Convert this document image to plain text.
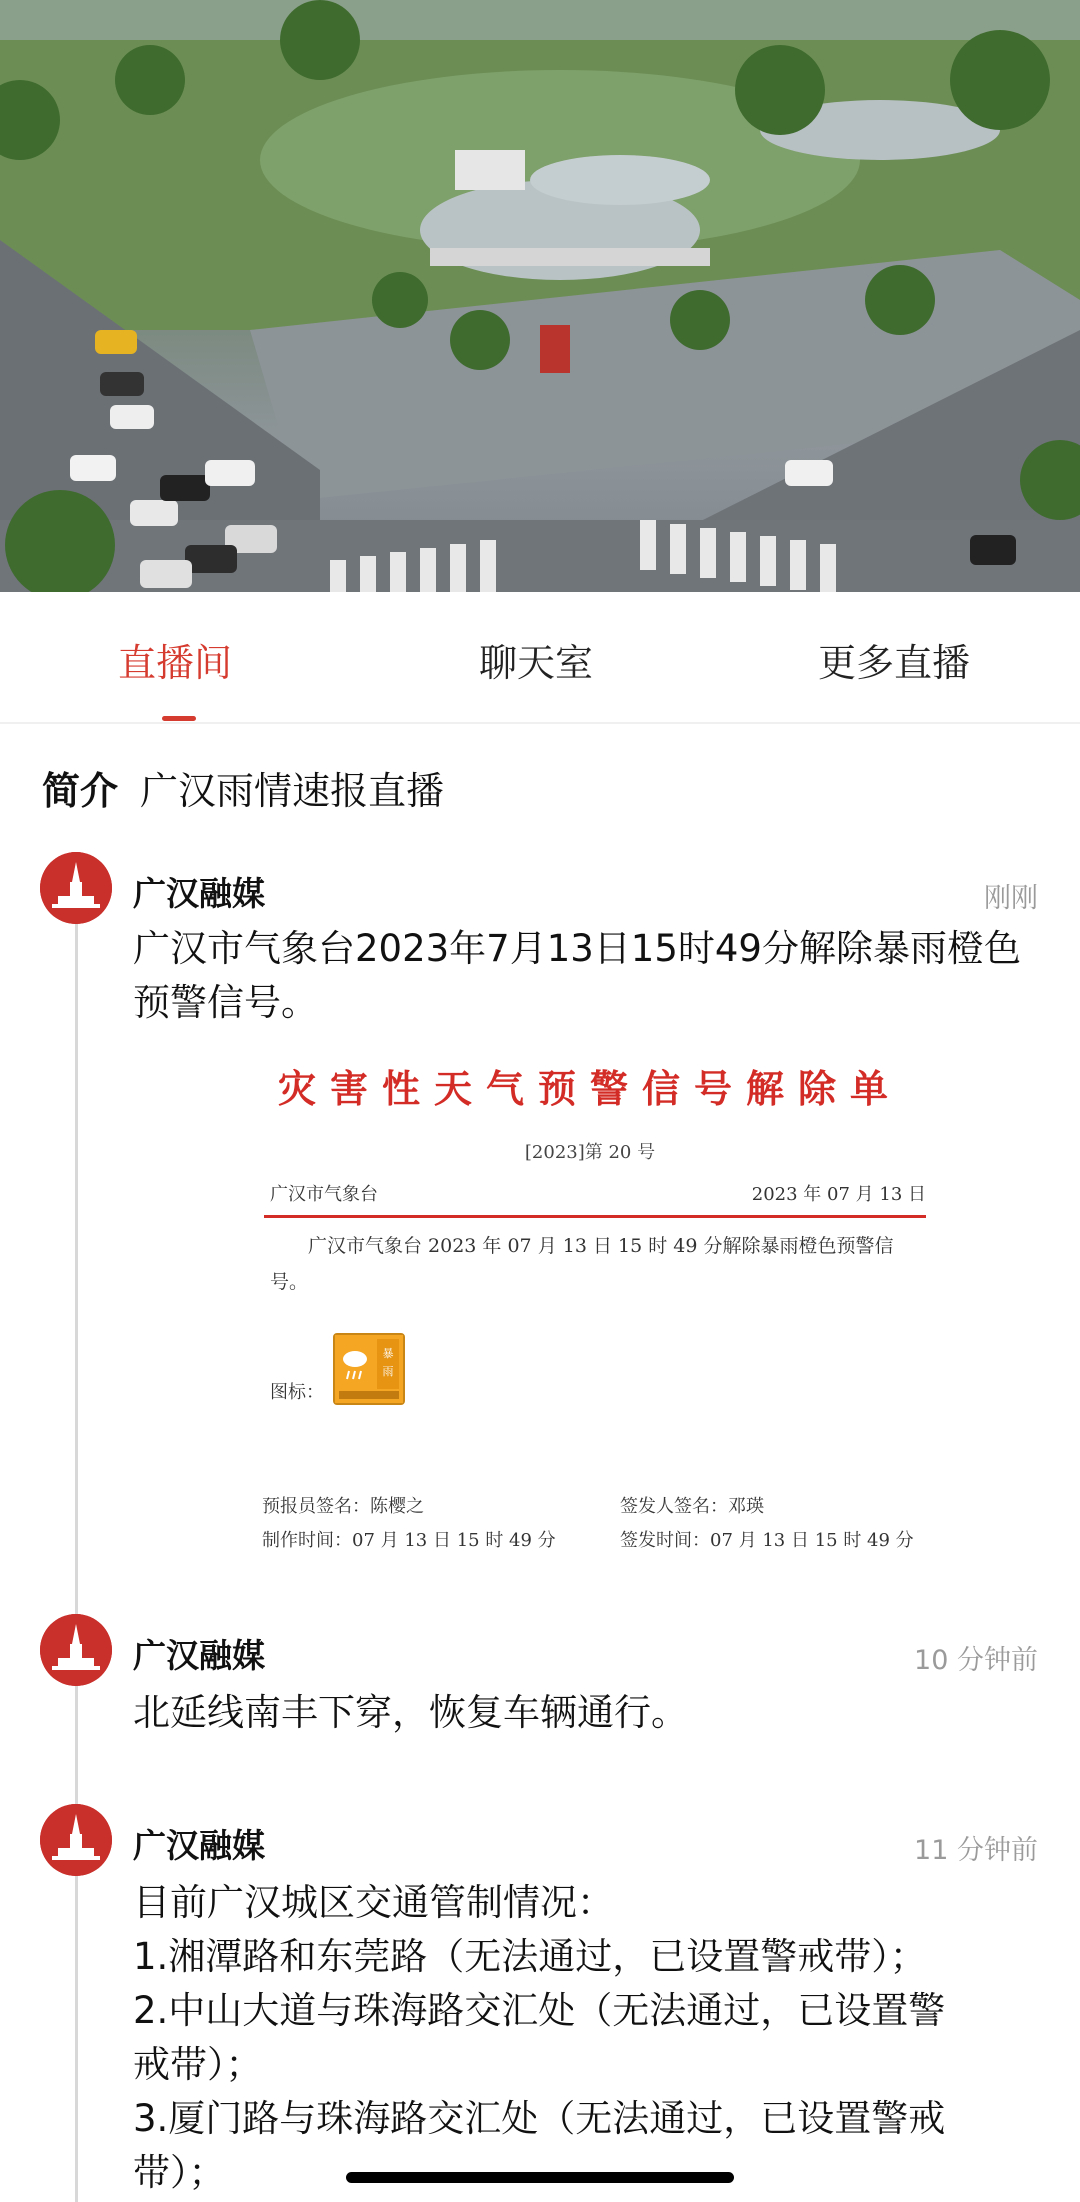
直播间	聊天室	更多直播
简介 广汉雨情速报直播
广汉融媒	刚刚
广汉市气象台2023年7月13日15时49分解除暴雨橙色预警信号。
灾害性天气预警信号解除单
[2023]第 20 号
广汉市气象台	2023 年 07 月 13 日
广汉市气象台 2023 年 07 月 13 日 15 时 49 分解除暴雨橙色预警信号。
图标：
暴
雨
预报员签名：陈樱之	签发人签名：邓瑛
制作时间：07 月 13 日 15 时 49 分	签发时间：07 月 13 日 15 时 49 分
广汉融媒	10 分钟前
北延线南丰下穿，恢复车辆通行。
广汉融媒	11 分钟前
目前广汉城区交通管制情况：
1.湘潭路和东莞路（无法通过，已设置警戒带）；
2.中山大道与珠海路交汇处（无法通过，已设置警
戒带）；
3.厦门路与珠海路交汇处（无法通过，已设置警戒
带）；
